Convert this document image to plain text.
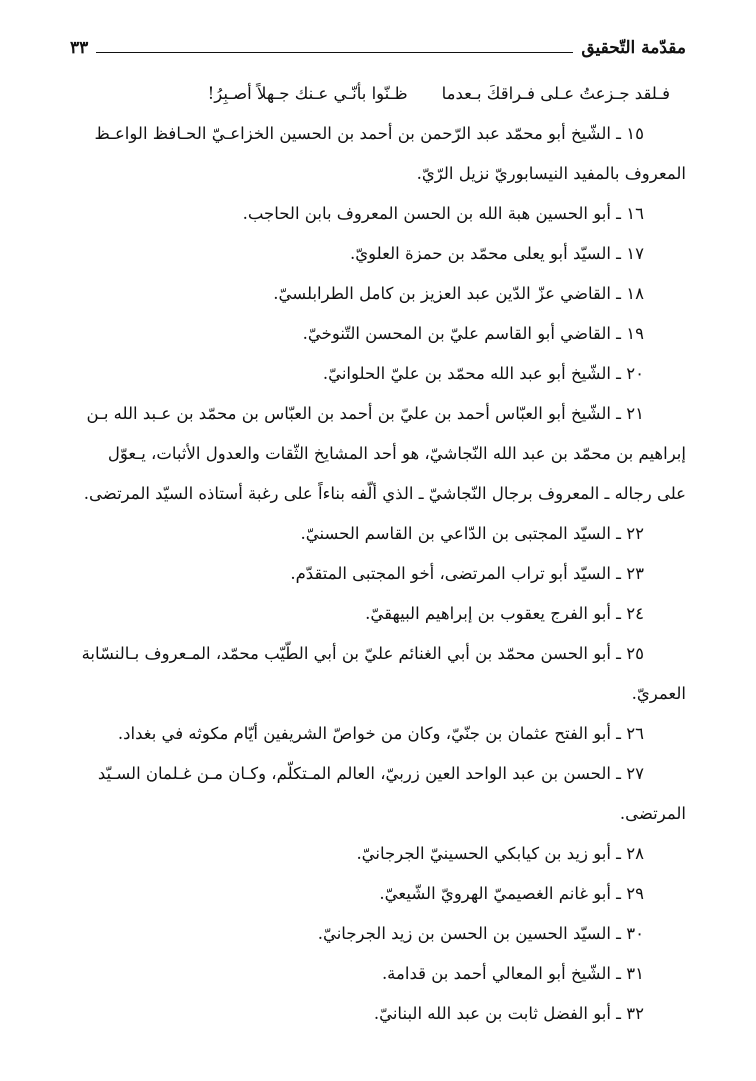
مقدّمة التّحقيق
٣٣
فـلقد جـزعتُ عـلى فـراقكَ بـعدما
ظـنّوا بأنّـي عـنك جـهلاً أصـبِرُ!
١٥ ـ الشّيخ أبو محمّد عبد الرّحمن بن أحمد بن الحسين الخزاعـيّ الحـافظ الواعـظ
المعروف بالمفيد النيسابوريّ نزيل الرّيّ.
١٦ ـ أبو الحسين هبة الله بن الحسن المعروف بابن الحاجب.
١٧ ـ السيّد أبو يعلى محمّد بن حمزة العلويّ.
١٨ ـ القاضي عزّ الدّين عبد العزيز بن كامل الطرابلسيّ.
١٩ ـ القاضي أبو القاسم عليّ بن المحسن التّنوخيّ.
٢٠ ـ الشّيخ أبو عبد الله محمّد بن عليّ الحلوانيّ.
٢١ ـ الشّيخ أبو العبّاس أحمد بن عليّ بن أحمد بن العبّاس بن محمّد بن عـبد الله بـن
إبراهيم بن محمّد بن عبد الله النّجاشيّ، هو أحد المشايخ الثّقات والعدول الأثبات، يـعوّل
على رجاله ـ المعروف برجال النّجاشيّ ـ الذي ألّفه بناءاً على رغبة أستاذه السيّد المرتضى.
٢٢ ـ السيّد المجتبى بن الدّاعي بن القاسم الحسنيّ.
٢٣ ـ السيّد أبو تراب المرتضى، أخو المجتبى المتقدّم.
٢٤ ـ أبو الفرج يعقوب بن إبراهيم البيهقيّ.
٢٥ ـ أبو الحسن محمّد بن أبي الغنائم عليّ بن أبي الطّيّب محمّد، المـعروف بـالنسّابة
العمريّ.
٢٦ ـ أبو الفتح عثمان بن جنّيّ، وكان من خواصّ الشريفين أيّام مكوثه في بغداد.
٢٧ ـ الحسن بن عبد الواحد العين زربيّ، العالم المـتكلّم، وكـان مـن غـلمان السـيّد
المرتضى.
٢٨ ـ أبو زيد بن كيابكي الحسينيّ الجرجانيّ.
٢٩ ـ أبو غانم الغصيميّ الهرويّ الشّيعيّ.
٣٠ ـ السيّد الحسين بن الحسن بن زيد الجرجانيّ.
٣١ ـ الشّيخ أبو المعالي أحمد بن قدامة.
٣٢ ـ أبو الفضل ثابت بن عبد الله البنانيّ.
